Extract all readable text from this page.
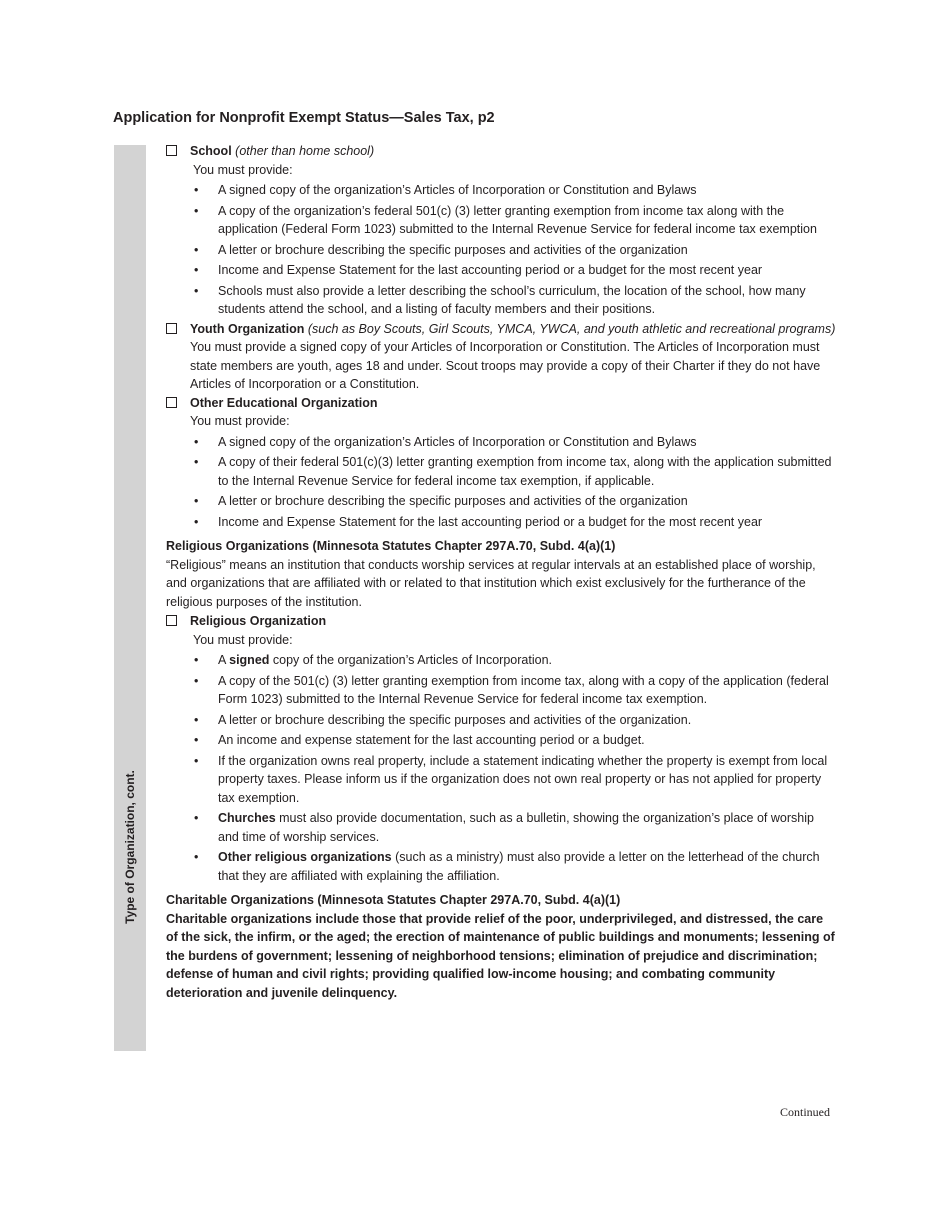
Application for Nonprofit Exempt Status—Sales Tax, p2
Type of Organization, cont.
School (other than home school)
You must provide:
• A signed copy of the organization’s Articles of Incorporation or Constitution and Bylaws
• A copy of the organization’s federal 501(c) (3) letter granting exemption from income tax along with the application (Federal Form 1023) submitted to the Internal Revenue Service for federal income tax exemption
• A letter or brochure describing the specific purposes and activities of the organization
• Income and Expense Statement for the last accounting period or a budget for the most recent year
• Schools must also provide a letter describing the school’s curriculum, the location of the school, how many students attend the school, and a listing of faculty members and their positions.
Youth Organization (such as Boy Scouts, Girl Scouts, YMCA, YWCA, and youth athletic and recreational programs)
You must provide a signed copy of your Articles of Incorporation or Constitution. The Articles of Incorporation must state members are youth, ages 18 and under. Scout troops may provide a copy of their Charter if they do not have Articles of Incorporation or a Constitution.
Other Educational Organization
You must provide:
• A signed copy of the organization’s Articles of Incorporation or Constitution and Bylaws
• A copy of their federal 501(c)(3) letter granting exemption from income tax, along with the application submitted to the Internal Revenue Service for federal income tax exemption, if applicable.
• A letter or brochure describing the specific purposes and activities of the organization
• Income and Expense Statement for the last accounting period or a budget for the most recent year
Religious Organizations (Minnesota Statutes Chapter 297A.70, Subd. 4(a)(1)
“Religious” means an institution that conducts worship services at regular intervals at an established place of worship, and organizations that are affiliated with or related to that institution which exist exclusively for the furtherance of the religious purposes of the institution.
Religious Organization
You must provide:
• A signed copy of the organization’s Articles of Incorporation.
• A copy of the 501(c) (3) letter granting exemption from income tax, along with a copy of the application (federal Form 1023) submitted to the Internal Revenue Service for federal income tax exemption.
• A letter or brochure describing the specific purposes and activities of the organization.
• An income and expense statement for the last accounting period or a budget.
• If the organization owns real property, include a statement indicating whether the property is exempt from local property taxes. Please inform us if the organization does not own real property or has not applied for property tax exemption.
• Churches must also provide documentation, such as a bulletin, showing the organization’s place of worship and time of worship services.
• Other religious organizations (such as a ministry) must also provide a letter on the letterhead of the church that they are affiliated with explaining the affiliation.
Charitable Organizations (Minnesota Statutes Chapter 297A.70, Subd. 4(a)(1)
Charitable organizations include those that provide relief of the poor, underprivileged, and distressed, the care of the sick, the infirm, or the aged; the erection of maintenance of public buildings and monuments; lessening of the burdens of government; lessening of neighborhood tensions; elimination of prejudice and discrimination; defense of human and civil rights; providing qualified low-income housing; and combating community deterioration and juvenile delinquency.
Continued
